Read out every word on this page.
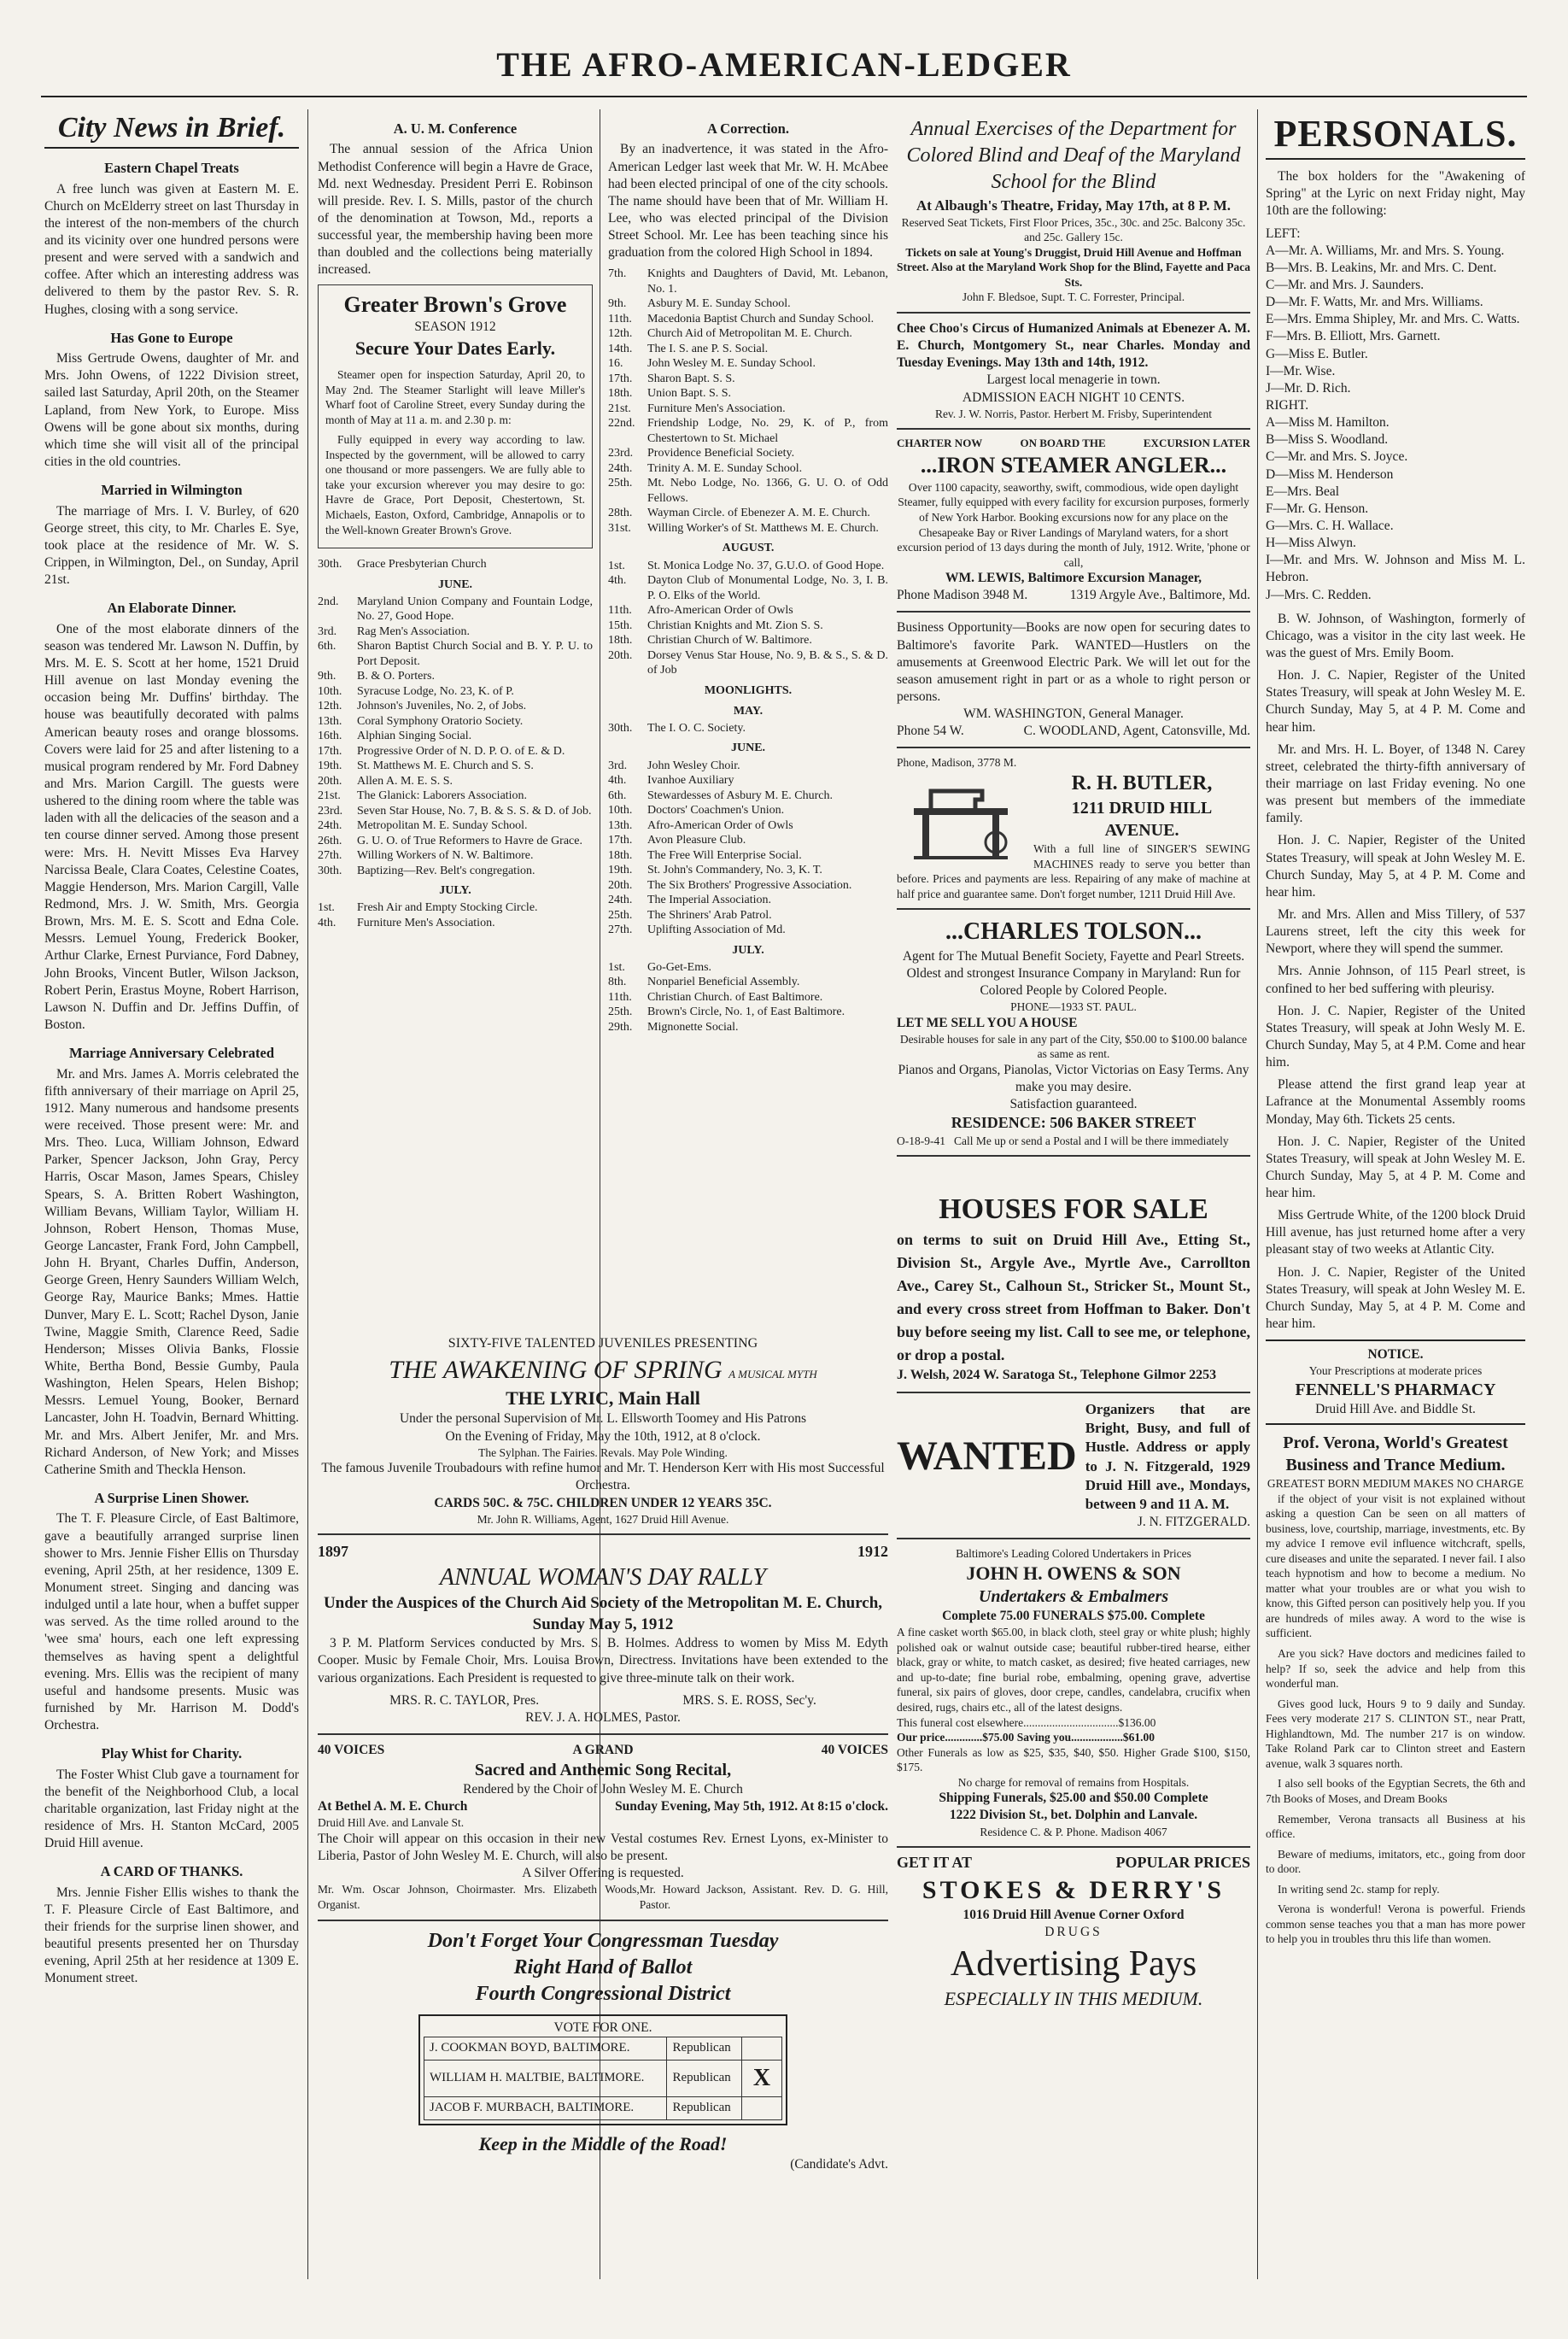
THE AFRO-AMERICAN-LEDGER
City News in Brief.
Eastern Chapel Treats

A free lunch was given at Eastern M. E. Church on McElderry street on last Thursday in the interest of the non-members of the church and its vicinity over one hundred persons were present and were served with a sandwich and coffee. After which an interesting address was delivered to them by the pastor Rev. S. R. Hughes, closing with a song service.

Has Gone to Europe

Miss Gertrude Owens, daughter of Mr. and Mrs. John Owens, of 1222 Division street, sailed last Saturday, April 20th, on the Steamer Lapland, from New York, to Europe. Miss Owens will be gone about six months, during which time she will visit all of the principal cities in the old countries.

Married in Wilmington

The marriage of Mrs. I. V. Burley, of 620 George street, this city, to Mr. Charles E. Sye, took place at the residence of Mr. W. S. Crippen, in Wilmington, Del., on Sunday, April 21st.

An Elaborate Dinner.

One of the most elaborate dinners of the season was tendered Mr. Lawson N. Duffin, by Mrs. M. E. S. Scott at her home, 1521 Druid Hill avenue on last Monday evening the occasion being Mr. Duffins' birthday. The house was beautifully decorated with palms American beauty roses and orange blossoms. Covers were laid for 25 and after listening to a musical program rendered by Mr. Ford Dabney and Mrs. Marion Cargill. The guests were ushered to the dining room where the table was laden with all the delicacies of the season and a ten course dinner served. Among those present were: Mrs. H. Nevitt Misses Eva Harvey Narcissa Beale, Clara Coates, Celestine Coates, Maggie Henderson, Mrs. Marion Cargill, Valle Redmond, Mrs. J. W. Smith, Mrs. Georgia Brown, Mrs. M. E. S. Scott and Edna Cole. Messrs. Lemuel Young, Frederick Booker, Arthur Clarke, Ernest Purviance, Ford Dabney, John Brooks, Vincent Butler, Wilson Jackson, Robert Perin, Erastus Moyne, Robert Harrison, Lawson N. Duffin and Dr. Jeffins Duffin, of Boston.

Marriage Anniversary Celebrated

Mr. and Mrs. James A. Morris celebrated the fifth anniversary of their marriage on April 25, 1912. Many numerous and handsome presents were received. Those present were: Mr. and Mrs. Theo. Luca, William Johnson, Edward Parker, Spencer Jackson, John Gray, Percy Harris, Oscar Mason, James Spears, Chisley Spears, S. A. Britten Robert Washington, William Bevans, William Taylor, William H. Johnson, Robert Henson, Thomas Muse, George Lancaster, Frank Ford, John Campbell, John H. Bryant, Charles Duffin, Anderson, George Green, Henry Saunders William Welch, George Ray, Maurice Banks; Mmes. Hattie Dunver, Mary E. L. Scott; Rachel Dyson, Janie Twine, Maggie Smith, Clarence Reed, Sadie Henderson; Misses Olivia Banks, Flossie White, Bertha Bond, Bessie Gumby, Paula Washington, Helen Spears, Helen Bishop; Messrs. Lemuel Young, Booker, Bernard Lancaster, John H. Toadvin, Bernard Whitting. Mr. and Mrs. Albert Jenifer, Mr. and Mrs. Richard Anderson, of New York; and Misses Catherine Smith and Theckla Henson.

A Surprise Linen Shower.

The T. F. Pleasure Circle, of East Baltimore, gave a beautifully arranged surprise linen shower to Mrs. Jennie Fisher Ellis on Thursday evening, April 25th, at her residence, 1309 E. Monument street. Singing and dancing was indulged until a late hour, when a buffet supper was served. As the time rolled around to the 'wee sma' hours, each one left expressing themselves as having spent a delightful evening. Mrs. Ellis was the recipient of many useful and handsome presents. Music was furnished by Mr. Harrison M. Dodd's Orchestra.

Play Whist for Charity.

The Foster Whist Club gave a tournament for the benefit of the Neighborhood Club, a local charitable organization, last Friday night at the residence of Mrs. H. Stanton McCard, 2005 Druid Hill avenue.

A CARD OF THANKS.

Mrs. Jennie Fisher Ellis wishes to thank the T. F. Pleasure Circle of East Baltimore, and their friends for the surprise linen shower, and beautiful presents presented her on Thursday evening, April 25th at her residence at 1309 E. Monument street.

A. U. M. Conference

The annual session of the Africa Union Methodist Conference will begin a Havre de Grace, Md. next Wednesday. President Perri E. Robinson will preside. Rev. I. S. Mills, pastor of the church of the denomination at Towson, Md., reports a successful year, the membership having been more than doubled and the collections being materially increased.

Greater Brown's Grove
SEASON 1912
Secure Your Dates Early.

Steamer open for inspection Saturday, April 20, to May 2nd. The Steamer Starlight will leave Miller's Wharf foot of Caroline Street, every Sunday during the month of May at 11 a. m. and 2.30 p. m:

Fully equipped in every way according to law. Inspected by the government, will be allowed to carry one thousand or more passengers. We are fully able to take your excursion wherever you may desire to go: Havre de Grace, Port Deposit, Chestertown, St. Michaels, Easton, Oxford, Cambridge, Annapolis or to the Well-known Greater Brown's Grove.

30th.	Grace Presbyterian Church
JUNE.
2nd.	Maryland Union Company and Fountain Lodge, No. 27, Good Hope.
3rd.	Rag Men's Association.
6th.	Sharon Baptist Church Social and B. Y. P. U. to Port Deposit.
9th.	B. & O. Porters.
10th.	Syracuse Lodge, No. 23, K. of P.
12th.	Johnson's Juveniles, No. 2, of Jobs.
13th.	Coral Symphony Oratorio Society.
16th.	Alphian Singing Social.
17th.	Progressive Order of N. D. P. O. of E. & D.
19th.	St. Matthews M. E. Church and S. S.
20th.	Allen A. M. E. S. S.
21st.	The Glanick: Laborers Association.
23rd.	Seven Star House, No. 7, B. & S. S. & D. of Job.
24th.	Metropolitan M. E. Sunday School.
26th.	G. U. O. of True Reformers to Havre de Grace.
27th.	Willing Workers of N. W. Baltimore.
30th.	Baptizing—Rev. Belt's congregation.
JULY.
1st.	Fresh Air and Empty Stocking Circle.
4th.	Furniture Men's Association.
A Correction.

By an inadvertence, it was stated in the Afro-American Ledger last week that Mr. W. H. McAbee had been elected principal of one of the city schools. The name should have been that of Mr. William H. Lee, who was elected principal of the Division Street School. Mr. Lee has been teaching since his graduation from the colored High School in 1894.

7th.	Knights and Daughters of David, Mt. Lebanon, No. 1.
9th.	Asbury M. E. Sunday School.
11th.	Macedonia Baptist Church and Sunday School.
12th.	Church Aid of Metropolitan M. E. Church.
14th.	The I. S. ane P. S. Social.
16.	John Wesley M. E. Sunday School.
17th.	Sharon Bapt. S. S.
18th.	Union Bapt. S. S.
21st.	Furniture Men's Association.
22nd.	Friendship Lodge, No. 29, K. of P., from Chestertown to St. Michael
23rd.	Providence Beneficial Society.
24th.	Trinity A. M. E. Sunday School.
25th.	Mt. Nebo Lodge, No. 1366, G. U. O. of Odd Fellows.
28th.	Wayman Circle. of Ebenezer A. M. E. Church.
31st.	Willing Worker's of St. Matthews M. E. Church.
AUGUST.
1st.	St. Monica Lodge No. 37, G.U.O. of Good Hope.
4th.	Dayton Club of Monumental Lodge, No. 3, I. B. P. O. Elks of the World.
11th.	Afro-American Order of Owls
15th.	Christian Knights and Mt. Zion S. S.
18th.	Christian Church of W. Baltimore.
20th.	Dorsey Venus Star House, No. 9, B. & S., S. & D. of Job
MOONLIGHTS.
MAY.
30th.	The I. O. C. Society.
JUNE.
3rd.	John Wesley Choir.
4th.	Ivanhoe Auxiliary
6th.	Stewardesses of Asbury M. E. Church.
10th.	Doctors' Coachmen's Union.
13th.	Afro-American Order of Owls
17th.	Avon Pleasure Club.
18th.	The Free Will Enterprise Social.
19th.	St. John's Commandery, No. 3, K. T.
20th.	The Six Brothers' Progressive Association.
24th.	The Imperial Association.
25th.	The Shriners' Arab Patrol.
27th.	Uplifting Association of Md.
JULY.
1st.	Go-Get-Ems.
8th.	Nonpariel Beneficial Assembly.
11th.	Christian Church. of East Baltimore.
25th.	Brown's Circle, No. 1, of East Baltimore.
29th.	Mignonette Social.
SIXTY-FIVE TALENTED JUVENILES PRESENTING
THE AWAKENING OF SPRING A MUSICAL MYTH
THE LYRIC, Main Hall
Under the personal Supervision of Mr. L. Ellsworth Toomey and His Patrons
On the Evening of Friday, May the 10th, 1912, at 8 o'clock.
The Sylphan. The Fairies. Revals. May Pole Winding.
The famous Juvenile Troubadours with refine humor and Mr. T. Henderson Kerr with His most Successful Orchestra.
CARDS 50C. & 75C. CHILDREN UNDER 12 YEARS 35C.
Mr. John R. Williams, Agent, 1627 Druid Hill Avenue.
1897	1912
ANNUAL WOMAN'S DAY RALLY
Under the Auspices of the Church Aid Society of the Metropolitan M. E. Church, Sunday May 5, 1912

3 P. M. Platform Services conducted by Mrs. S. B. Holmes. Address to women by Miss M. Edyth Cooper. Music by Female Choir, Mrs. Louisa Brown, Directress. Invitations have been extended to the various organizations. Each President is requested to give three-minute talk on their work.

MRS. R. C. TAYLOR, Pres.	MRS. S. E. ROSS, Sec'y.
REV. J. A. HOLMES, Pastor.
40 VOICES	A GRAND	40 VOICES
Sacred and Anthemic Song Recital,
Rendered by the Choir of John Wesley M. E. Church
At Bethel A. M. E. Church	Sunday Evening, May 5th, 1912. At 8:15 o'clock.
Druid Hill Ave. and Lanvale St.
The Choir will appear on this occasion in their new Vestal costumes Rev. Ernest Lyons, ex-Minister to Liberia, Pastor of John Wesley M. E. Church, will also be present.
A Silver Offering is requested.
Mr. Wm. Oscar Johnson, Choirmaster. Mrs. Elizabeth Woods, Organist.
Mr. Howard Jackson, Assistant. Rev. D. G. Hill, Pastor.
Don't Forget Your Congressman Tuesday
Right Hand of Ballot
Fourth Congressional District
VOTE FOR ONE.
J. COOKMAN BOYD, BALTIMORE.	Republican	
WILLIAM H. MALTBIE, BALTIMORE.	Republican	X
JACOB F. MURBACH, BALTIMORE.	Republican	
Keep in the Middle of the Road!
(Candidate's Advt.
Annual Exercises of the Department for Colored Blind and Deaf of the Maryland School for the Blind
At Albaugh's Theatre, Friday, May 17th, at 8 P. M.
Reserved Seat Tickets, First Floor Prices, 35c., 30c. and 25c. Balcony 35c. and 25c. Gallery 15c.
Tickets on sale at Young's Druggist, Druid Hill Avenue and Hoffman Street. Also at the Maryland Work Shop for the Blind, Fayette and Paca Sts.
John F. Bledsoe, Supt. T. C. Forrester, Principal.
Chee Choo's Circus of Humanized Animals at Ebenezer A. M. E. Church, Montgomery St., near Charles. Monday and Tuesday Evenings. May 13th and 14th, 1912.
Largest local menagerie in town.
ADMISSION EACH NIGHT 10 CENTS.
Rev. J. W. Norris, Pastor. Herbert M. Frisby, Superintendent
CHARTER NOW	ON BOARD THE	EXCURSION LATER
...IRON STEAMER ANGLER...
Over 1100 capacity, seaworthy, swift, commodious, wide open daylight Steamer, fully equipped with every facility for excursion purposes, formerly of New York Harbor. Booking excursions now for any place on the Chesapeake Bay or River Landings of Maryland waters, for a short excursion period of 13 days during the month of July, 1912. Write, 'phone or call,
WM. LEWIS, Baltimore Excursion Manager,
Phone Madison 3948 M.	1319 Argyle Ave., Baltimore, Md.
Business Opportunity—Books are now open for securing dates to Baltimore's favorite Park. WANTED—Hustlers on the amusements at Greenwood Electric Park. We will let out for the season amusement right in part or as a whole to right person or persons.
WM. WASHINGTON, General Manager.
Phone 54 W.	C. WOODLAND, Agent, Catonsville, Md.
Phone, Madison, 3778 M.
R. H. BUTLER,
1211 DRUID HILL AVENUE.
With a full line of SINGER'S SEWING MACHINES ready to serve you better than before. Prices and payments are less. Repairing of any make of machine at half price and guarantee same. Don't forget number, 1211 Druid Hill Ave.
...CHARLES TOLSON...
Agent for The Mutual Benefit Society, Fayette and Pearl Streets. Oldest and strongest Insurance Company in Maryland: Run for Colored People by Colored People.
PHONE—1933 ST. PAUL.
LET ME SELL YOU A HOUSE
Desirable houses for sale in any part of the City, $50.00 to $100.00 balance as same as rent.
Pianos and Organs, Pianolas, Victor Victorias on Easy Terms. Any make you may desire.
Satisfaction guaranteed.
RESIDENCE: 506 BAKER STREET
O-18-9-41 Call Me up or send a Postal and I will be there immediately
HOUSES FOR SALE
on terms to suit on Druid Hill Ave., Etting St., Division St., Argyle Ave., Myrtle Ave., Carrollton Ave., Carey St., Calhoun St., Stricker St., Mount St., and every cross street from Hoffman to Baker. Don't buy before seeing my list. Call to see me, or telephone, or drop a postal.
J. Welsh, 2024 W. Saratoga St., Telephone Gilmor 2253
WANTED
Organizers that are Bright, Busy, and full of Hustle. Address or apply to J. N. Fitzgerald, 1929 Druid Hill ave., Mondays, between 9 and 11 A. M.
J. N. FITZGERALD.
Baltimore's Leading Colored Undertakers in Prices
JOHN H. OWENS & SON
Undertakers & Embalmers
Complete 75.00 FUNERALS $75.00. Complete
A fine casket worth $65.00, in black cloth, steel gray or white plush; highly polished oak or walnut outside case; beautiful rubber-tired hearse, either black, gray or white, to match casket, as desired; five heated carriages, new and up-to-date; fine burial robe, embalming, opening grave, advertise funeral, six pairs of gloves, door crepe, candles, candelabra, crucifix when desired, rugs, chairs etc., all of the latest designs.
This funeral cost elsewhere.................................$136.00
Our price.............$75.00 Saving you..................$61.00
Other Funerals as low as $25, $35, $40, $50. Higher Grade $100, $150, $175.
No charge for removal of remains from Hospitals.
Shipping Funerals, $25.00 and $50.00 Complete
1222 Division St., bet. Dolphin and Lanvale.
Residence C. & P. Phone. Madison 4067
GET IT AT	POPULAR PRICES
STOKES & DERRY'S
1016 Druid Hill Avenue Corner Oxford
DRUGS
Advertising Pays
ESPECIALLY IN THIS MEDIUM.
PERSONALS.

The box holders for the "Awakening of Spring" at the Lyric on next Friday night, May 10th are the following:

LEFT:
A—Mr. A. Williams, Mr. and Mrs. S. Young.
B—Mrs. B. Leakins, Mr. and Mrs. C. Dent.
C—Mr. and Mrs. J. Saunders.
D—Mr. F. Watts, Mr. and Mrs. Williams.
E—Mrs. Emma Shipley, Mr. and Mrs. C. Watts.
F—Mrs. B. Elliott, Mrs. Garnett.
G—Miss E. Butler.
I—Mr. Wise.
J—Mr. D. Rich.
RIGHT.
A—Miss M. Hamilton.
B—Miss S. Woodland.
C—Mr. and Mrs. S. Joyce.
D—Miss M. Henderson
E—Mrs. Beal
F—Mr. G. Henson.
G—Mrs. C. H. Wallace.
H—Miss Alwyn.
I—Mr. and Mrs. W. Johnson and Miss M. L. Hebron.
J—Mrs. C. Redden.

B. W. Johnson, of Washington, formerly of Chicago, was a visitor in the city last week. He was the guest of Mrs. Emily Boom.

Hon. J. C. Napier, Register of the United States Treasury, will speak at John Wesley M. E. Church Sunday, May 5, at 4 P. M. Come and hear him.

Mr. and Mrs. H. L. Boyer, of 1348 N. Carey street, celebrated the thirty-fifth anniversary of their marriage on last Friday evening. No one was present but members of the immediate family.

Hon. J. C. Napier, Register of the United States Treasury, will speak at John Wesley M. E. Church Sunday, May 5, at 4 P. M. Come and hear him.

Mr. and Mrs. Allen and Miss Tillery, of 537 Laurens street, left the city this week for Newport, where they will spend the summer.

Mrs. Annie Johnson, of 115 Pearl street, is confined to her bed suffering with pleurisy.

Hon. J. C. Napier, Register of the United States Treasury, will speak at John Wesly M. E. Church Sunday, May 5, at 4 P.M. Come and hear him.

Please attend the first grand leap year at Lafrance at the Monumental Assembly rooms Monday, May 6th. Tickets 25 cents.

Hon. J. C. Napier, Register of the United States Treasury, will speak at John Wesley M. E. Church Sunday, May 5, at 4 P. M. Come and hear him.

Miss Gertrude White, of the 1200 block Druid Hill avenue, has just returned home after a very pleasant stay of two weeks at Atlantic City.

Hon. J. C. Napier, Register of the United States Treasury, will speak at John Wesley M. E. Church Sunday, May 5, at 4 P. M. Come and hear him.

NOTICE.
Your Prescriptions at moderate prices
FENNELL'S PHARMACY
Druid Hill Ave. and Biddle St.
Prof. Verona, World's Greatest Business and Trance Medium.
GREATEST BORN MEDIUM MAKES NO CHARGE

if the object of your visit is not explained without asking a question Can be seen on all matters of business, love, courtship, marriage, investments, etc. By my advice I remove evil influence witchcraft, spells, cure diseases and unite the separated. I never fail. I also teach hypnotism and how to become a medium. No matter what your troubles are or what you wish to know, this Gifted person can positively help you. If you are hundreds of miles away. A word to the wise is sufficient.

Are you sick? Have doctors and medicines failed to help? If so, seek the advice and help from this wonderful man.

Gives good luck, Hours 9 to 9 daily and Sunday. Fees very moderate 217 S. CLINTON ST., near Pratt, Highlandtown, Md. The number 217 is on window. Take Roland Park car to Clinton street and Eastern avenue, walk 3 squares north.

I also sell books of the Egyptian Secrets, the 6th and 7th Books of Moses, and Dream Books

Remember, Verona transacts all Business at his office.

Beware of mediums, imitators, etc., going from door to door.

In writing send 2c. stamp for reply.

Verona is wonderful! Verona is powerful. Friends common sense teaches you that a man has more power to help you in troubles thru this life than women.
